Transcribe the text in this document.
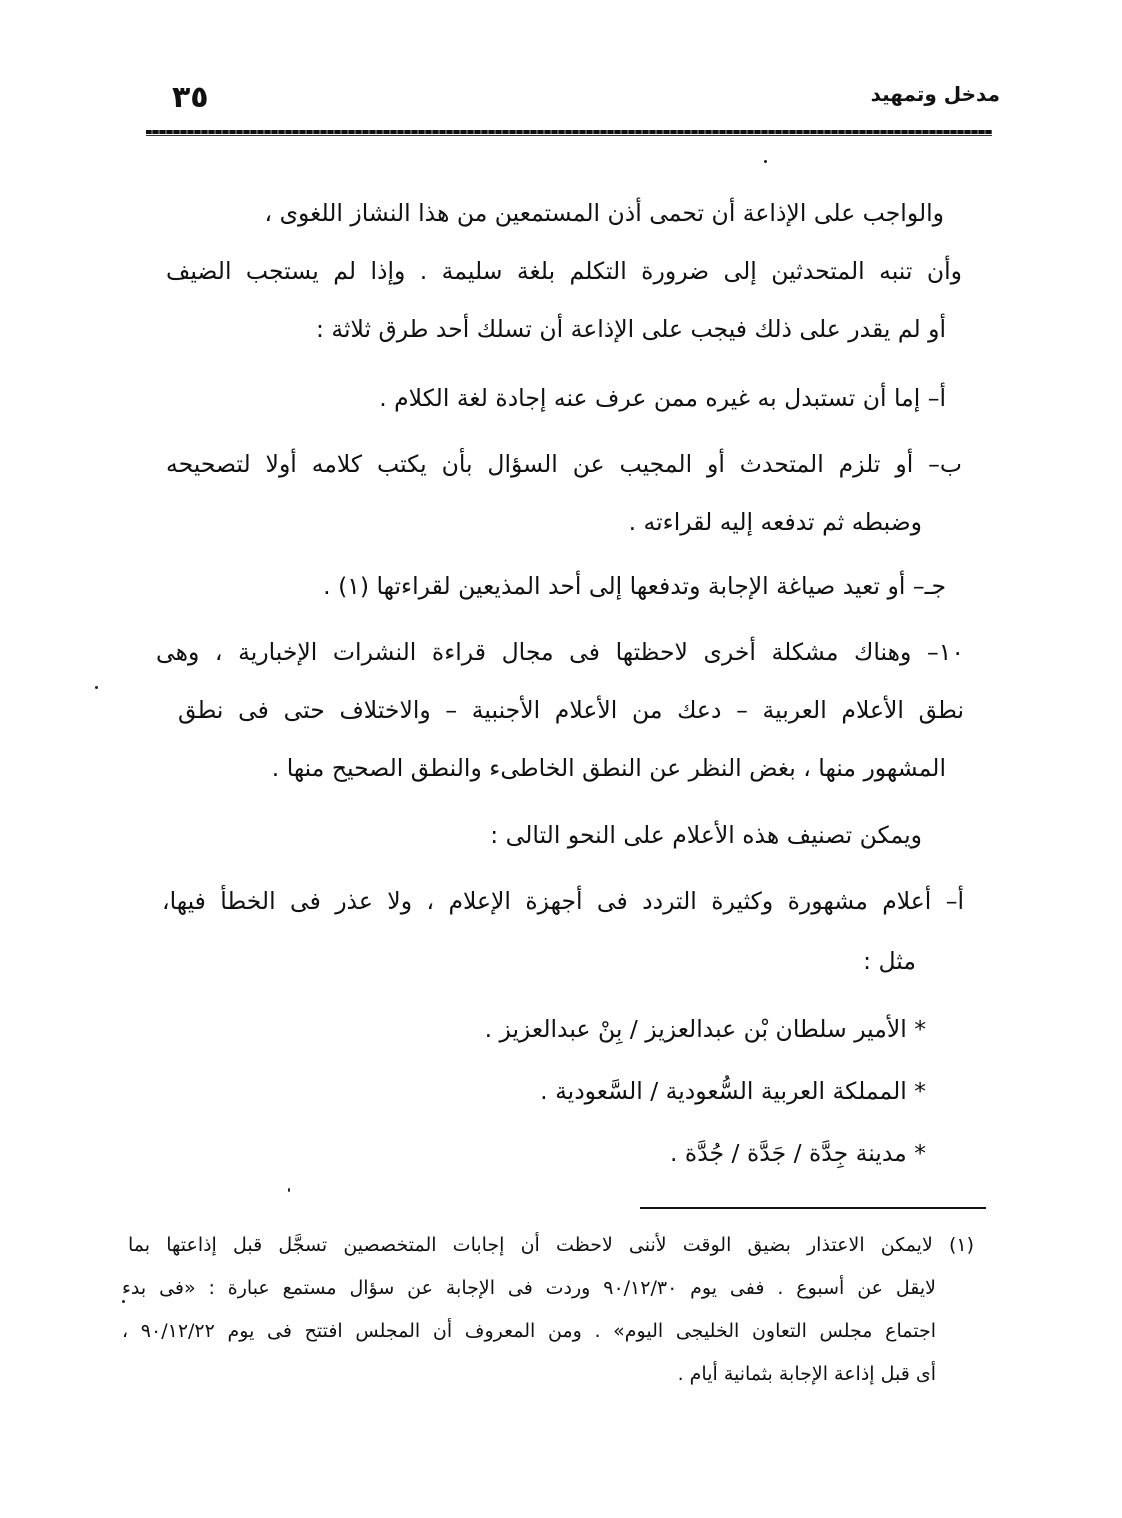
مدخل وتمهيد
٣٥
والواجب على الإذاعة أن تحمى أذن المستمعين من هذا النشاز اللغوى ،
وأن تنبه المتحدثين إلى ضرورة التكلم بلغة سليمة . وإذا لم يستجب الضيف
أو لم يقدر على ذلك فيجب على الإذاعة أن تسلك أحد طرق ثلاثة :
أ– إما أن تستبدل به غيره ممن عرف عنه إجادة لغة الكلام .
ب– أو تلزم المتحدث أو المجيب عن السؤال بأن يكتب كلامه أولا لتصحيحه
وضبطه ثم تدفعه إليه لقراءته .
جـ– أو تعيد صياغة الإجابة وتدفعها إلى أحد المذيعين لقراءتها (١) .
١٠– وهناك مشكلة أخرى لاحظتها فى مجال قراءة النشرات الإخبارية ، وهى
نطق الأعلام العربية – دعك من الأعلام الأجنبية – والاختلاف حتى فى نطق
المشهور منها ، بغض النظر عن النطق الخاطىء والنطق الصحيح منها .
ويمكن تصنيف هذه الأعلام على النحو التالى :
أ– أعلام مشهورة وكثيرة التردد فى أجهزة الإعلام ، ولا عذر فى الخطأ فيها،
مثل :
* الأمير سلطان بْن عبدالعزيز / بِنْ عبدالعزيز .
* المملكة العربية السُّعودية / السَّعودية .
* مدينة جِدَّة / جَدَّة / جُدَّة .
(١) لايمكن الاعتذار بضيق الوقت لأننى لاحظت أن إجابات المتخصصين تسجَّل قبل إذاعتها بما
لايقل عن أسبوع . ففى يوم ٩٠/١٢/٣٠ وردت فى الإجابة عن سؤال مستمع عبارة : «فى بدء
اجتماع مجلس التعاون الخليجى اليوم» . ومن المعروف أن المجلس افتتح فى يوم ٩٠/١٢/٢٢ ،
أى قبل إذاعة الإجابة بثمانية أيام .
